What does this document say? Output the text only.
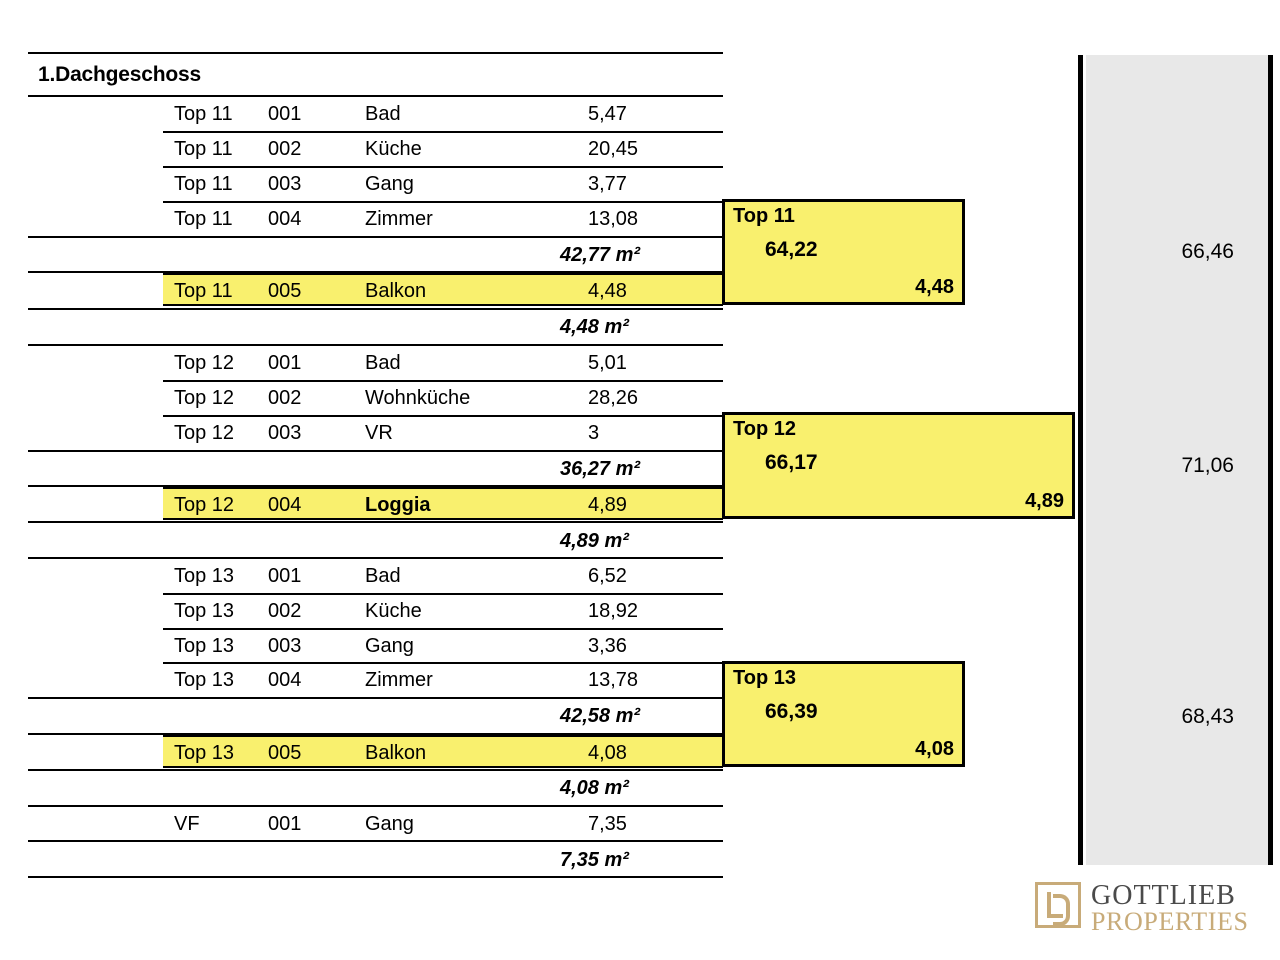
66,46
71,06
68,43
1.Dachgeschoss
Top 11 001	Bad	5,47
Top 11 002	Küche	20,45
Top 11 003	Gang	3,77
Top 11 004	Zimmer	13,08
42,77 m²
Top 11 005	Balkon	4,48
4,48 m²
Top 12 001	Bad	5,01
Top 12 002	Wohnküche	28,26
Top 12 003	VR	3
36,27 m²
Top 12 004	Loggia	4,89
4,89 m²
Top 13 001	Bad	6,52
Top 13 002	Küche	18,92
Top 13 003	Gang	3,36
Top 13 004	Zimmer	13,78
42,58 m²
Top 13 005	Balkon	4,08
4,08 m²
VF	001	Gang	7,35
7,35 m²
Top 11
64,22
4,48
Top 12
66,17
4,89
Top 13
66,39
4,08
GOTTLIEB
PROPERTIES
